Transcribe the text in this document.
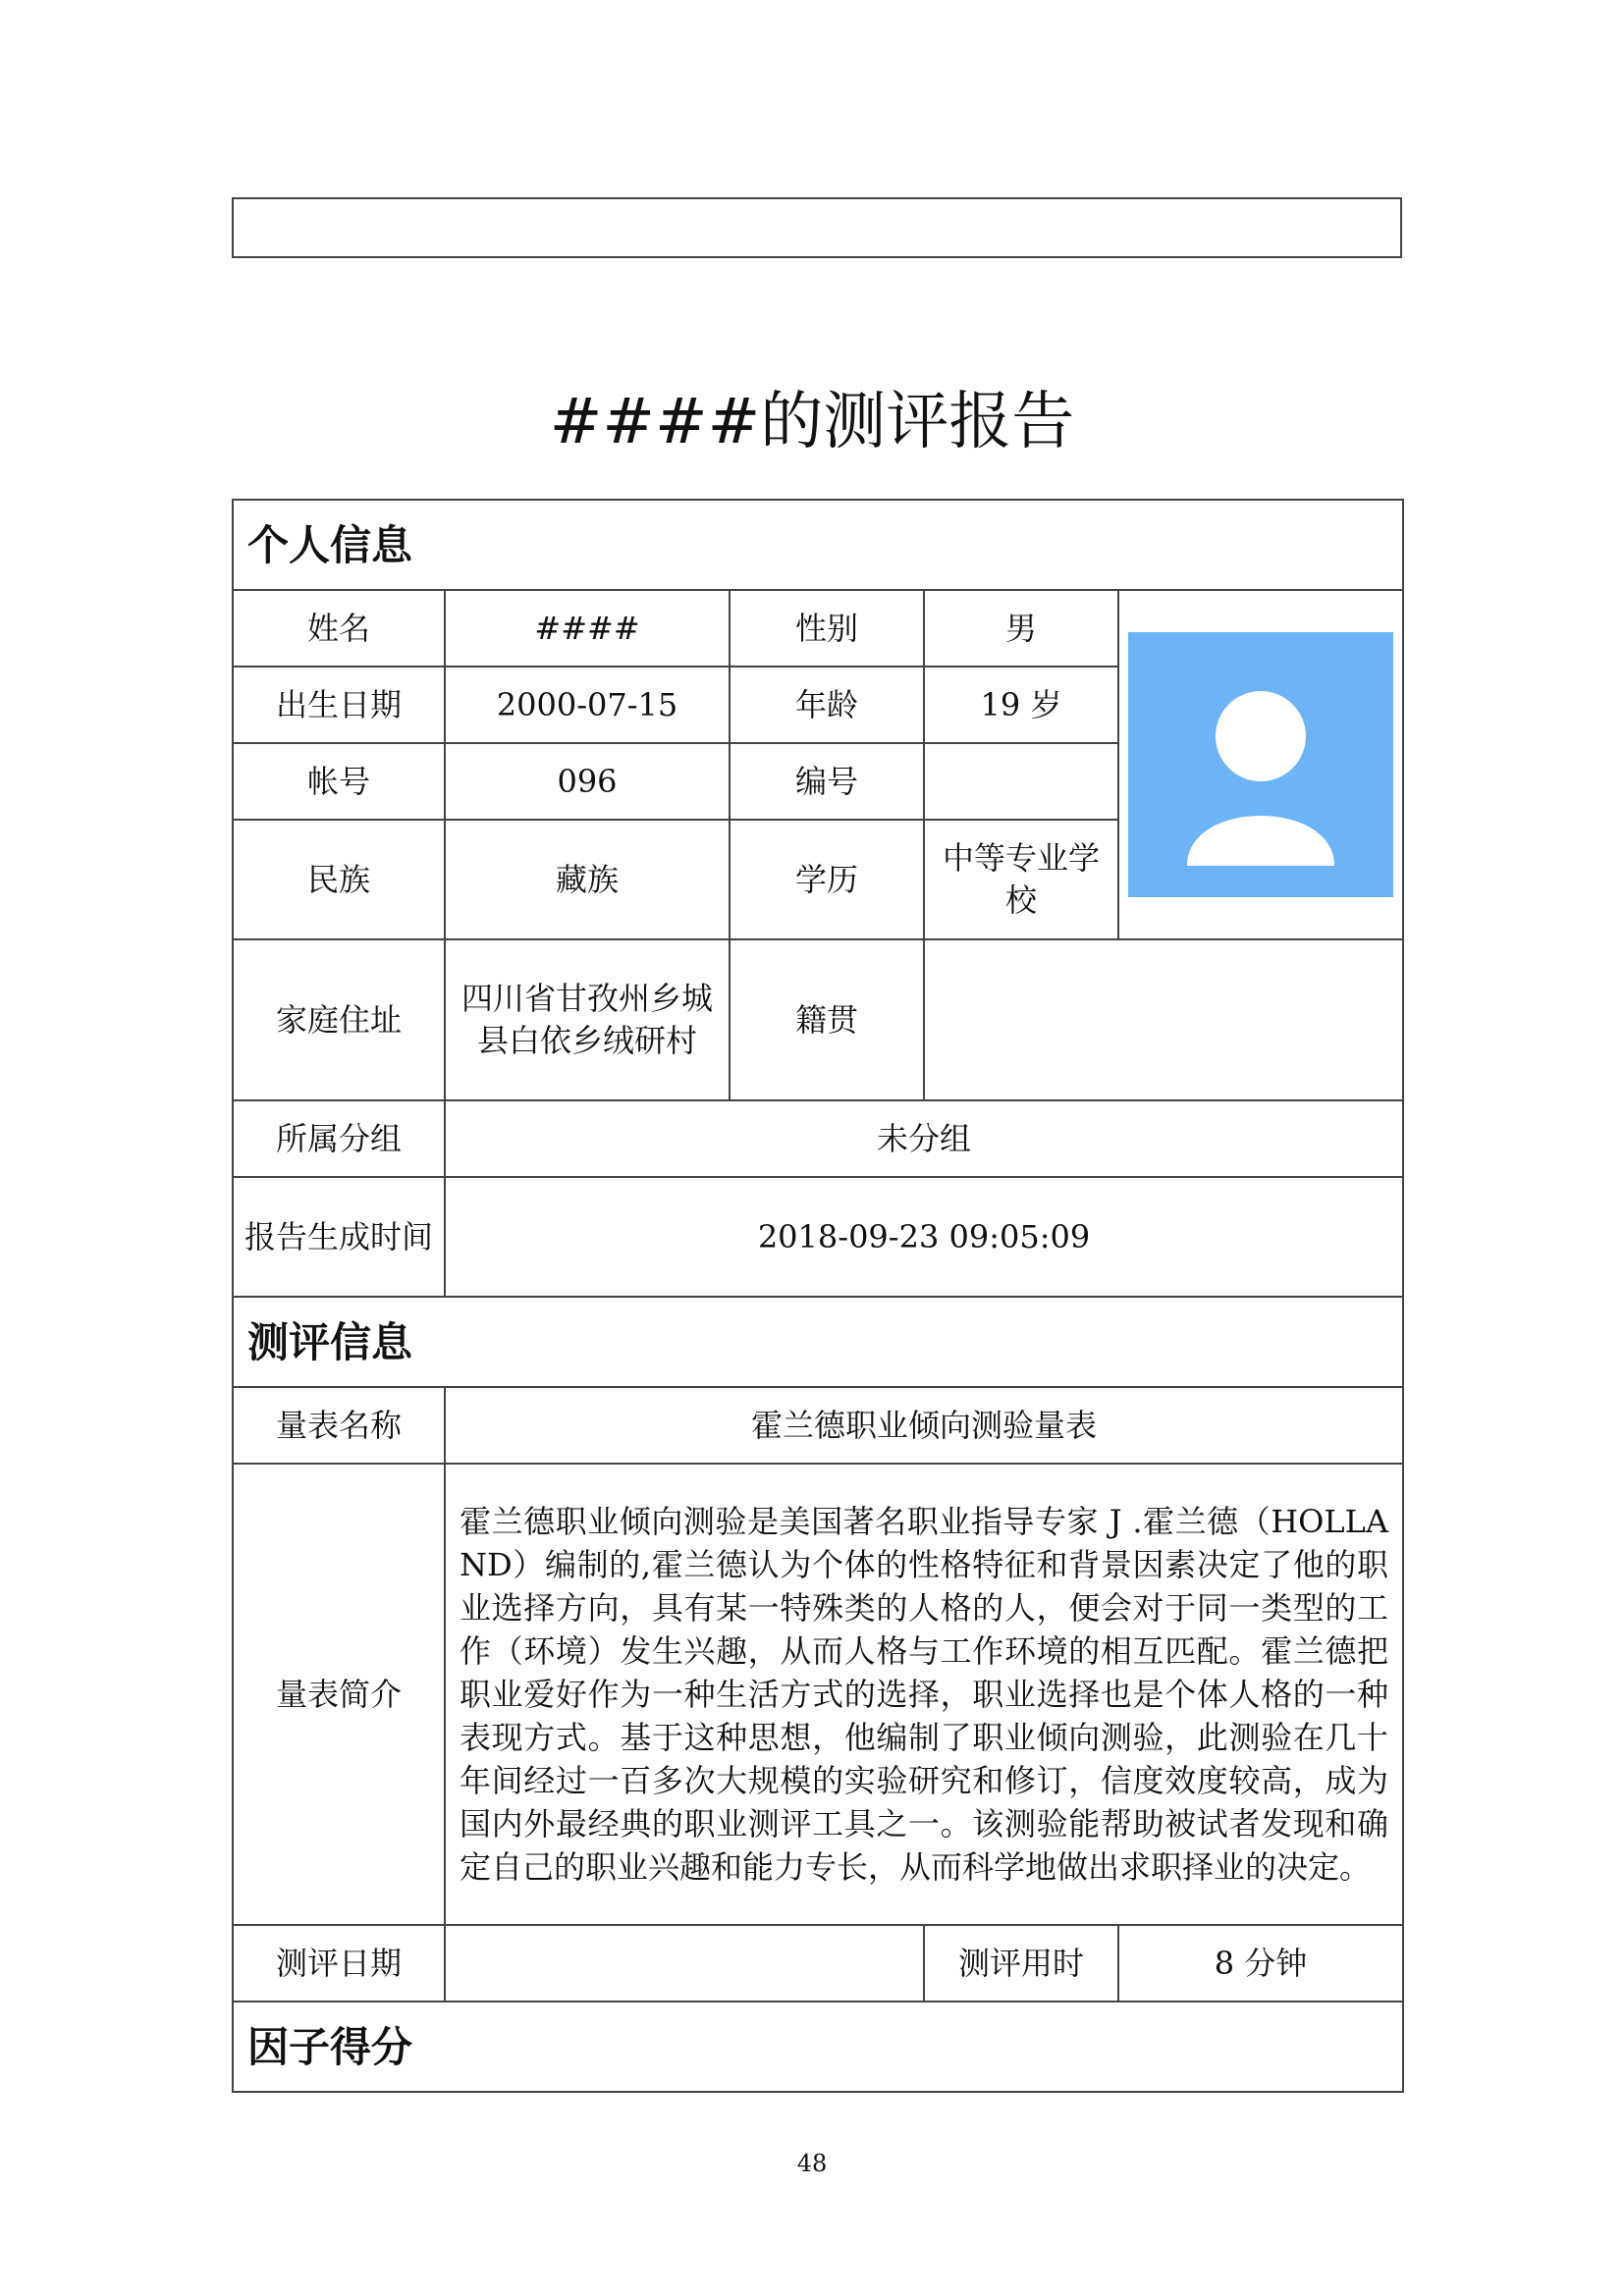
####的测评报告
个人信息				
姓名	####	性别	男	

出生日期	2000-07-15	年龄	19 岁	
帐号	096	编号		
民族	藏族	学历	中等专业学校	
家庭住址	四川省甘孜州乡城县白依乡绒研村	籍贯		
所属分组	未分组			
报告生成时间	2018-09-23 09:05:09			
测评信息				
量表名称	霍兰德职业倾向测验量表			
量表简介	霍兰德职业倾向测验是美国著名职业指导专家 J .霍兰德（HOLLAND）编制的,霍兰德认为个体的性格特征和背景因素决定了他的职业选择方向，具有某一特殊类的人格的人，便会对于同一类型的工作（环境）发生兴趣，从而人格与工作环境的相互匹配。霍兰德把职业爱好作为一种生活方式的选择，职业选择也是个体人格的一种表现方式。基于这种思想，他编制了职业倾向测验，此测验在几十年间经过一百多次大规模的实验研究和修订，信度效度较高，成为国内外最经典的职业测评工具之一。该测验能帮助被试者发现和确定自己的职业兴趣和能力专长，从而科学地做出求职择业的决定。			
测评日期			测评用时	8 分钟
因子得分				
48
